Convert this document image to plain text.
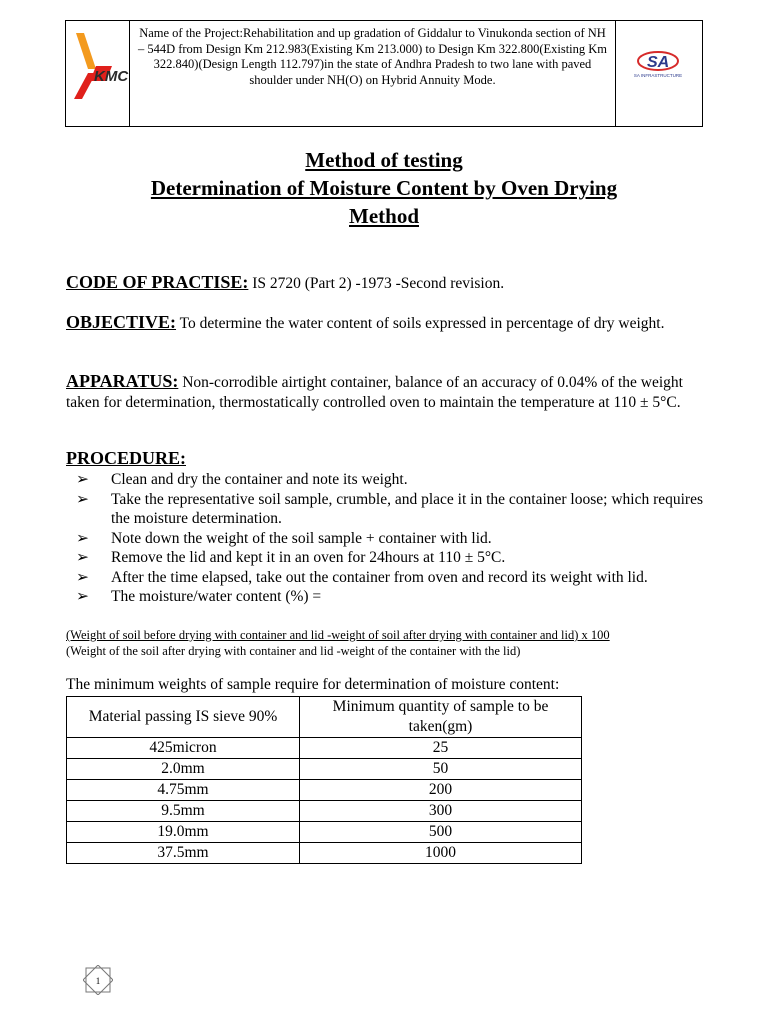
KMC
Name of the Project:Rehabilitation and up gradation of Giddalur to Vinukonda section of NH – 544D from Design Km 212.983(Existing Km 213.000) to Design Km 322.800(Existing Km 322.840)(Design Length 112.797)in the state of Andhra Pradesh to two lane with paved shoulder under NH(O) on Hybrid Annuity Mode.
SA
SA INFRASTRUCTURE
Method of testing
Determination of Moisture Content by Oven Drying
Method
CODE OF PRACTISE: IS 2720 (Part 2) -1973 -Second revision.
OBJECTIVE: To determine the water content of soils expressed in percentage of dry weight.
APPARATUS: Non-corrodible airtight container, balance of an accuracy of 0.04% of the weight taken for determination, thermostatically controlled oven to maintain the temperature at 110 ± 5°C.
PROCEDURE:
➢ Clean and dry the container and note its weight.
➢ Take the representative soil sample, crumble, and place it in the container loose; which requires the moisture determination.
➢ Note down the weight of the soil sample + container with lid.
➢ Remove the lid and kept it in an oven for 24hours at 110 ± 5°C.
➢ After the time elapsed, take out the container from oven and record its weight with lid.
➢ The moisture/water content (%) =
(Weight of soil before drying with container and lid -weight of soil after drying with container and lid) x 100
(Weight of the soil after drying with container and lid -weight of the container with the lid)
The minimum weights of sample require for determination of moisture content:
Material passing IS sieve 90%	Minimum quantity of sample to be taken(gm)
425micron	25
2.0mm	50
4.75mm	200
9.5mm	300
19.0mm	500
37.5mm	1000
1
